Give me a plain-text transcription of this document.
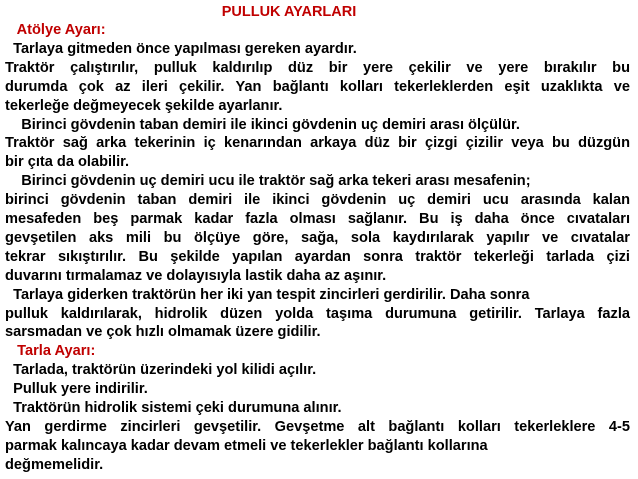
PULLUK AYARLARI
Atölye Ayarı:
Tarlaya gitmeden önce yapılması gereken ayardır.
Traktör çalıştırılır, pulluk kaldırılıp düz bir yere çekilir ve yere bırakılır bu
durumda çok az ileri çekilir. Yan bağlantı kolları tekerleklerden eşit uzaklıkta ve
tekerleğe değmeyecek şekilde ayarlanır.
Birinci gövdenin taban demiri ile ikinci gövdenin uç demiri arası ölçülür.
Traktör sağ arka tekerinin iç kenarından arkaya düz bir çizgi çizilir veya bu düzgün
bir çıta da olabilir.
Birinci gövdenin uç demiri ucu ile traktör sağ arka tekeri arası mesafenin;
birinci gövdenin taban demiri ile ikinci gövdenin uç demiri ucu arasında kalan
mesafeden beş parmak kadar fazla olması sağlanır. Bu iş daha önce cıvataları
gevşetilen aks mili bu ölçüye göre, sağa, sola kaydırılarak yapılır ve cıvatalar
tekrar sıkıştırılır. Bu şekilde yapılan ayardan sonra traktör tekerleği tarlada çizi
duvarını tırmalamaz ve dolayısıyla lastik daha az aşınır.
Tarlaya giderken traktörün her iki yan tespit zincirleri gerdirilir. Daha sonra
pulluk kaldırılarak, hidrolik düzen yolda taşıma durumuna getirilir. Tarlaya fazla
sarsmadan ve çok hızlı olmamak üzere gidilir.
Tarla Ayarı:
Tarlada, traktörün üzerindeki yol kilidi açılır.
Pulluk yere indirilir.
Traktörün hidrolik sistemi çeki durumuna alınır.
Yan gerdirme zincirleri gevşetilir. Gevşetme alt bağlantı kolları tekerleklere 4-5
parmak kalıncaya kadar devam etmeli ve tekerlekler bağlantı kollarına
değmemelidir.
